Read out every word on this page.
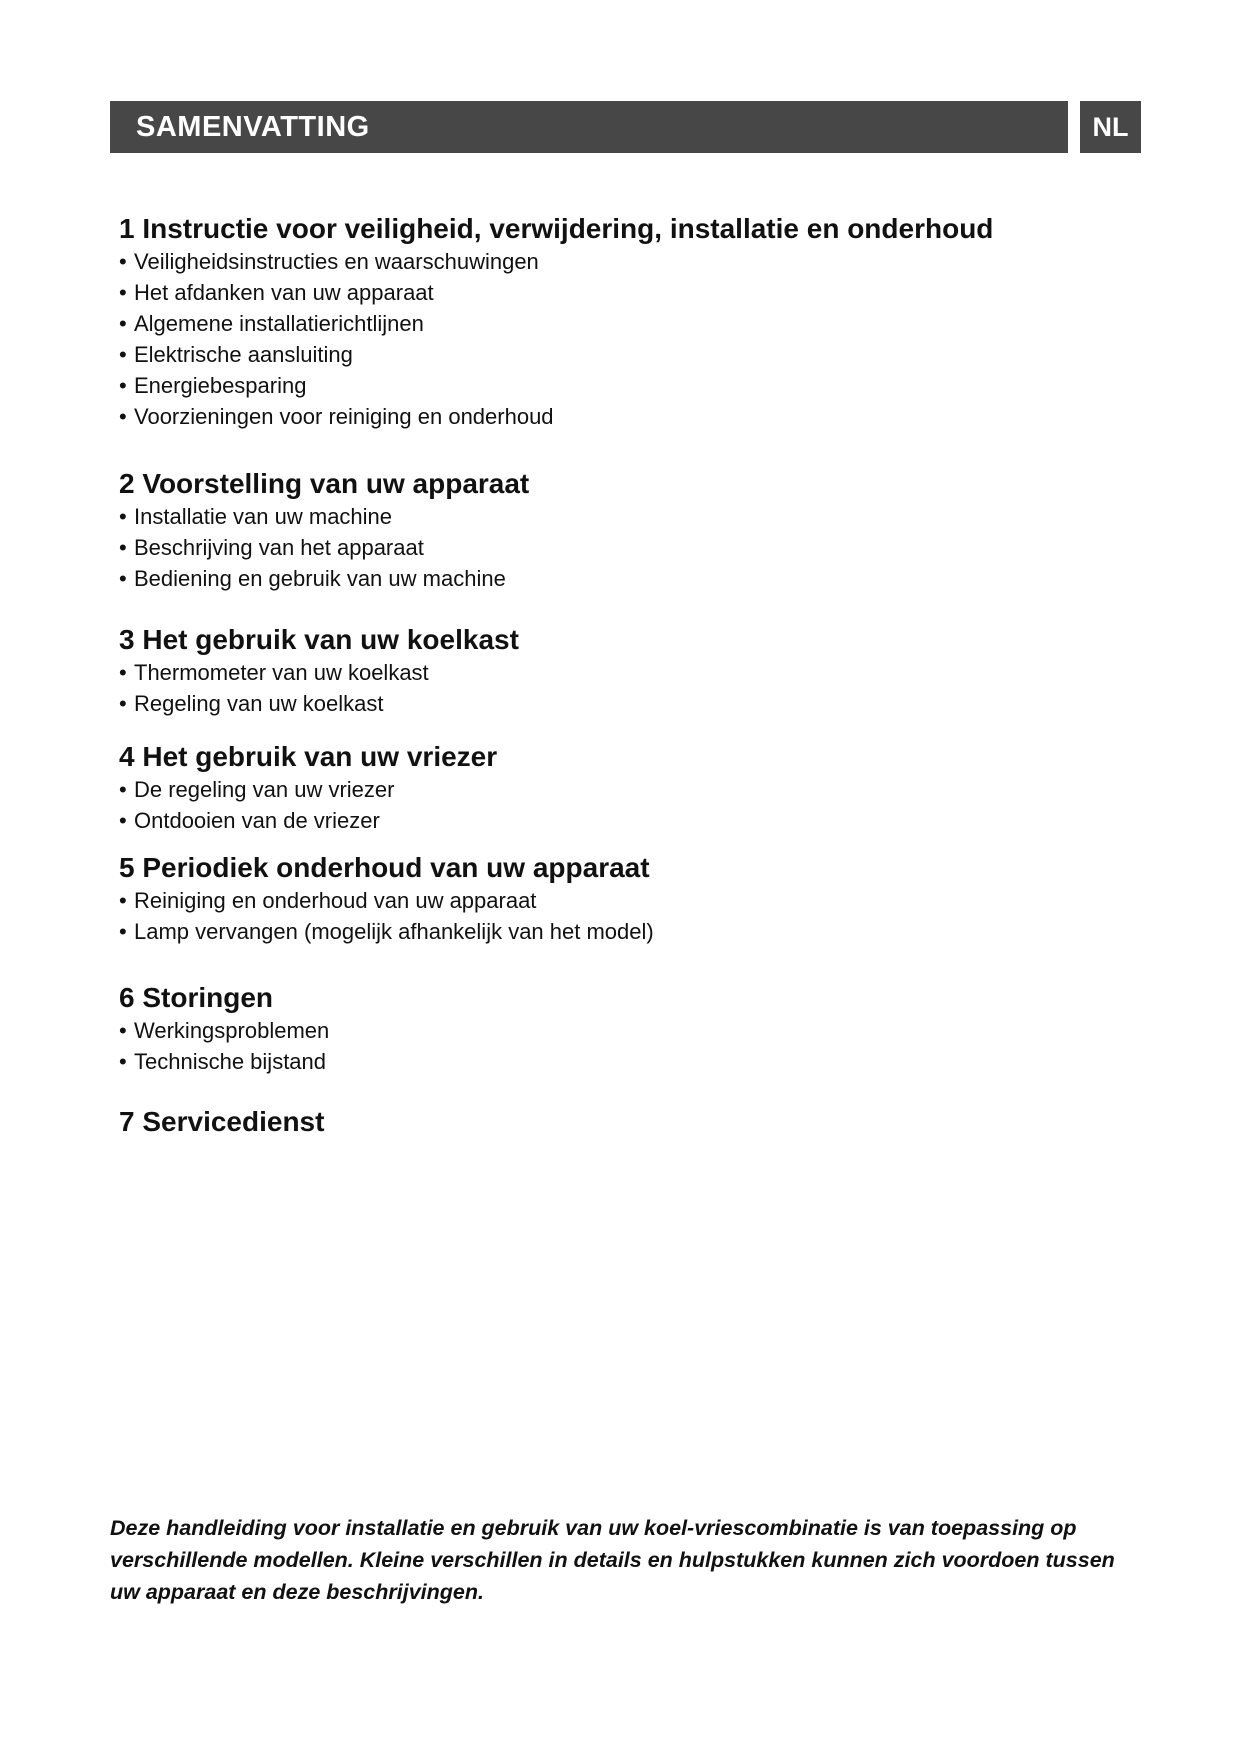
SAMENVATTING	NL
1 Instructie voor veiligheid, verwijdering, installatie en onderhoud
• Veiligheidsinstructies en waarschuwingen
• Het afdanken van uw apparaat
• Algemene installatierichtlijnen
• Elektrische aansluiting
• Energiebesparing
• Voorzieningen voor reiniging en onderhoud
2 Voorstelling van uw apparaat
• Installatie van uw machine
• Beschrijving van het apparaat
• Bediening en gebruik van uw machine
3 Het gebruik van uw koelkast
• Thermometer van uw koelkast
• Regeling van uw koelkast
4 Het gebruik van uw vriezer
• De regeling van uw vriezer
• Ontdooien van de vriezer
5 Periodiek onderhoud van uw apparaat
• Reiniging en onderhoud van uw apparaat
• Lamp vervangen (mogelijk afhankelijk van het model)
6 Storingen
• Werkingsproblemen
• Technische bijstand
7 Servicedienst

Deze handleiding voor installatie en gebruik van uw koel-vriescombinatie is van toepassing op verschillende modellen. Kleine verschillen in details en hulpstukken kunnen zich voordoen tussen uw apparaat en deze beschrijvingen.
